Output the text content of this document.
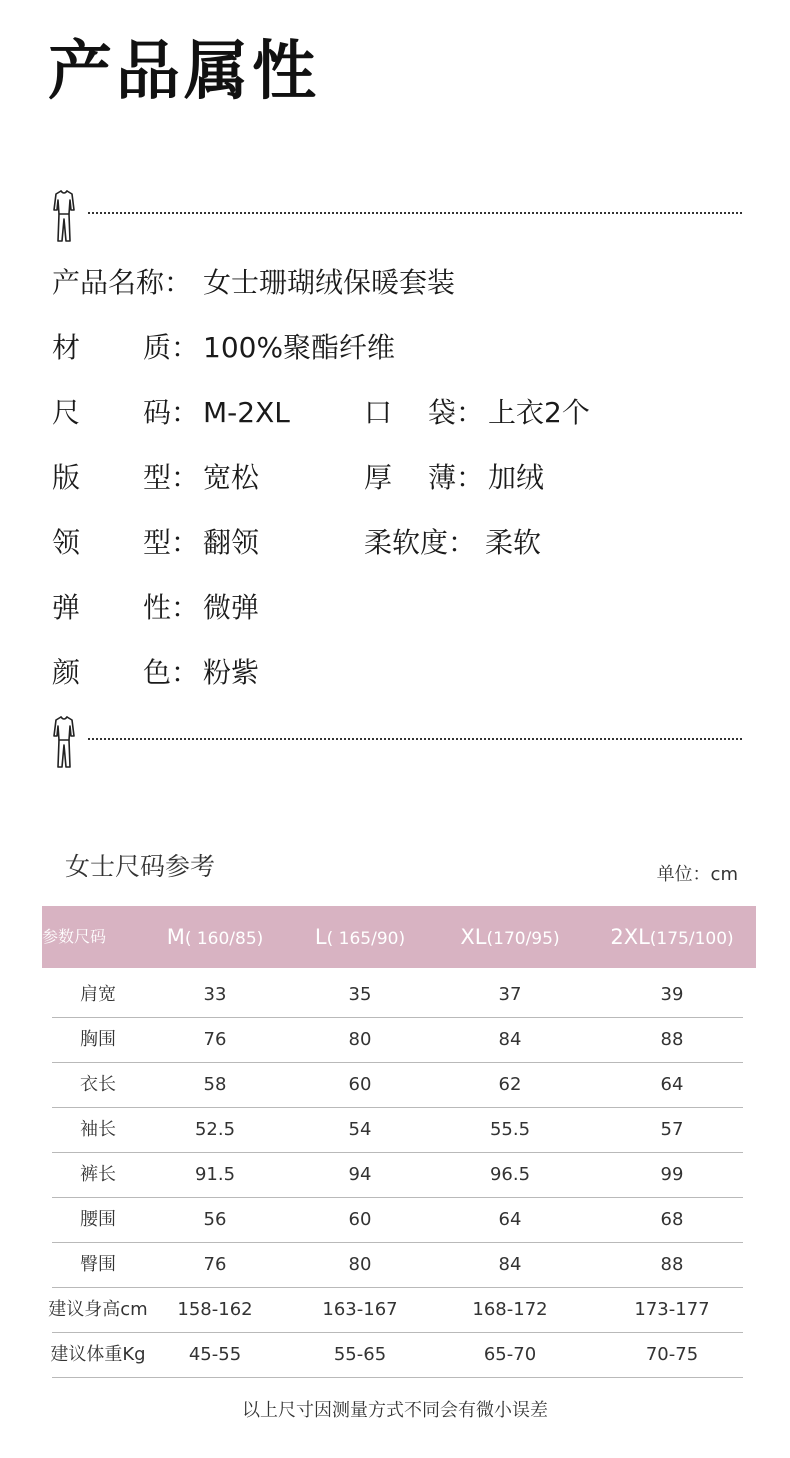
产品属性
产品名称： 女士珊瑚绒保暖套装
材 质： 100%聚酯纤维
尺 码： M-2XL	口 袋： 上衣2个
版 型： 宽松	厚 薄： 加绒
领 型： 翻领	柔软度： 柔软
弹 性： 微弹
颜 色： 粉紫
女士尺码参考	单位：cm
参数尺码	M( 160/85)	L( 165/90)	XL(170/95)	2XL(175/100)
肩宽	33	35	37	39
胸围	76	80	84	88
衣长	58	60	62	64
袖长	52.5	54	55.5	57
裤长	91.5	94	96.5	99
腰围	56	60	64	68
臀围	76	80	84	88
建议身高cm	158-162	163-167	168-172	173-177
建议体重Kg	45-55	55-65	65-70	70-75
以上尺寸因测量方式不同会有微小误差
